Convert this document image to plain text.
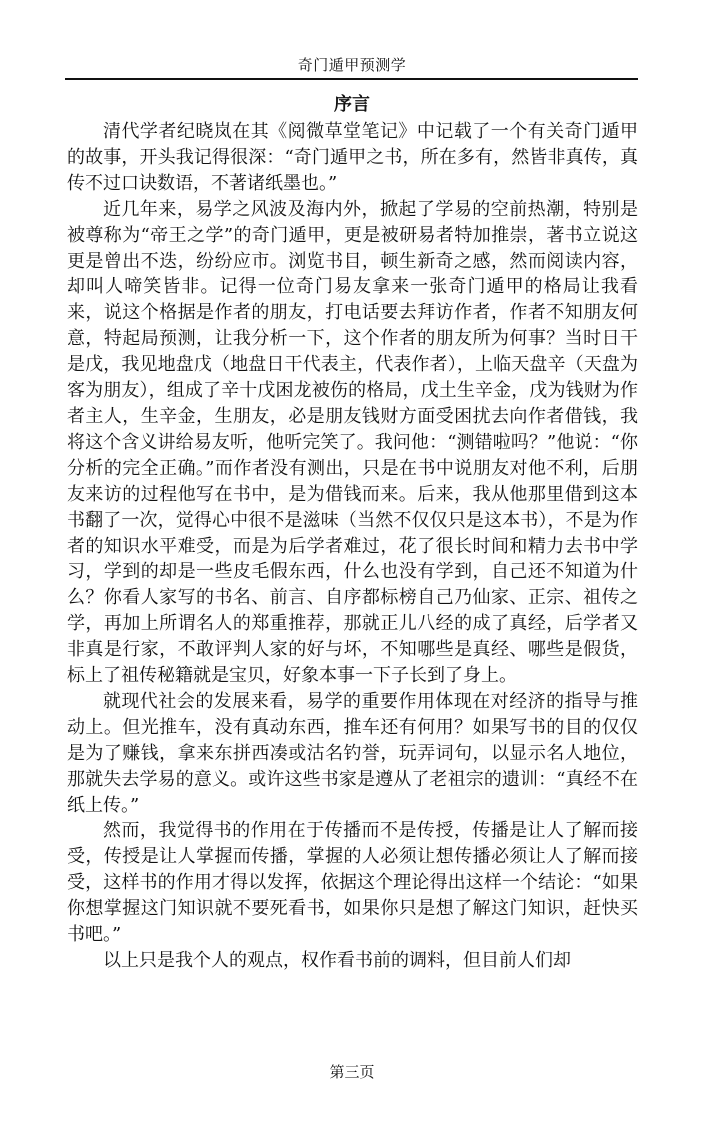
奇门遁甲预测学
序言

清代学者纪晓岚在其《阅微草堂笔记》中记载了一个有关奇门遁甲的故事，开头我记得很深：“奇门遁甲之书，所在多有，然皆非真传，真传不过口诀数语，不著诸纸墨也。”

近几年来，易学之风波及海内外，掀起了学易的空前热潮，特别是被尊称为“帝王之学”的奇门遁甲，更是被研易者特加推崇，著书立说这更是曾出不迭，纷纷应市。浏览书目，顿生新奇之感，然而阅读内容，却叫人啼笑皆非。记得一位奇门易友拿来一张奇门遁甲的格局让我看来，说这个格据是作者的朋友，打电话要去拜访作者，作者不知朋友何意，特起局预测，让我分析一下，这个作者的朋友所为何事？当时日干是戊，我见地盘戊（地盘日干代表主，代表作者），上临天盘辛（天盘为客为朋友），组成了辛十戊困龙被伤的格局，戊土生辛金，戊为钱财为作者主人，生辛金，生朋友，必是朋友钱财方面受困扰去向作者借钱，我将这个含义讲给易友听，他听完笑了。我问他：“测错啦吗？”他说：“你分析的完全正确。”而作者没有测出，只是在书中说朋友对他不利，后朋友来访的过程他写在书中，是为借钱而来。后来，我从他那里借到这本书翻了一次，觉得心中很不是滋味（当然不仅仅只是这本书），不是为作者的知识水平难受，而是为后学者难过，花了很长时间和精力去书中学习，学到的却是一些皮毛假东西，什么也没有学到，自己还不知道为什么？你看人家写的书名、前言、自序都标榜自己乃仙家、正宗、祖传之学，再加上所谓名人的郑重推荐，那就正儿八经的成了真经，后学者又非真是行家，不敢评判人家的好与坏，不知哪些是真经、哪些是假货，标上了祖传秘籍就是宝贝，好象本事一下子长到了身上。

就现代社会的发展来看，易学的重要作用体现在对经济的指导与推动上。但光推车，没有真动东西，推车还有何用？如果写书的目的仅仅是为了赚钱，拿来东拼西凑或沽名钓誉，玩弄词句，以显示名人地位，那就失去学易的意义。或许这些书家是遵从了老祖宗的遗训：“真经不在纸上传。”

然而，我觉得书的作用在于传播而不是传授，传播是让人了解而接受，传授是让人掌握而传播，掌握的人必须让想传播必须让人了解而接受，这样书的作用才得以发挥，依据这个理论得出这样一个结论：“如果你想掌握这门知识就不要死看书，如果你只是想了解这门知识，赶快买书吧。”

以上只是我个人的观点，权作看书前的调料，但目前人们却

第三页
